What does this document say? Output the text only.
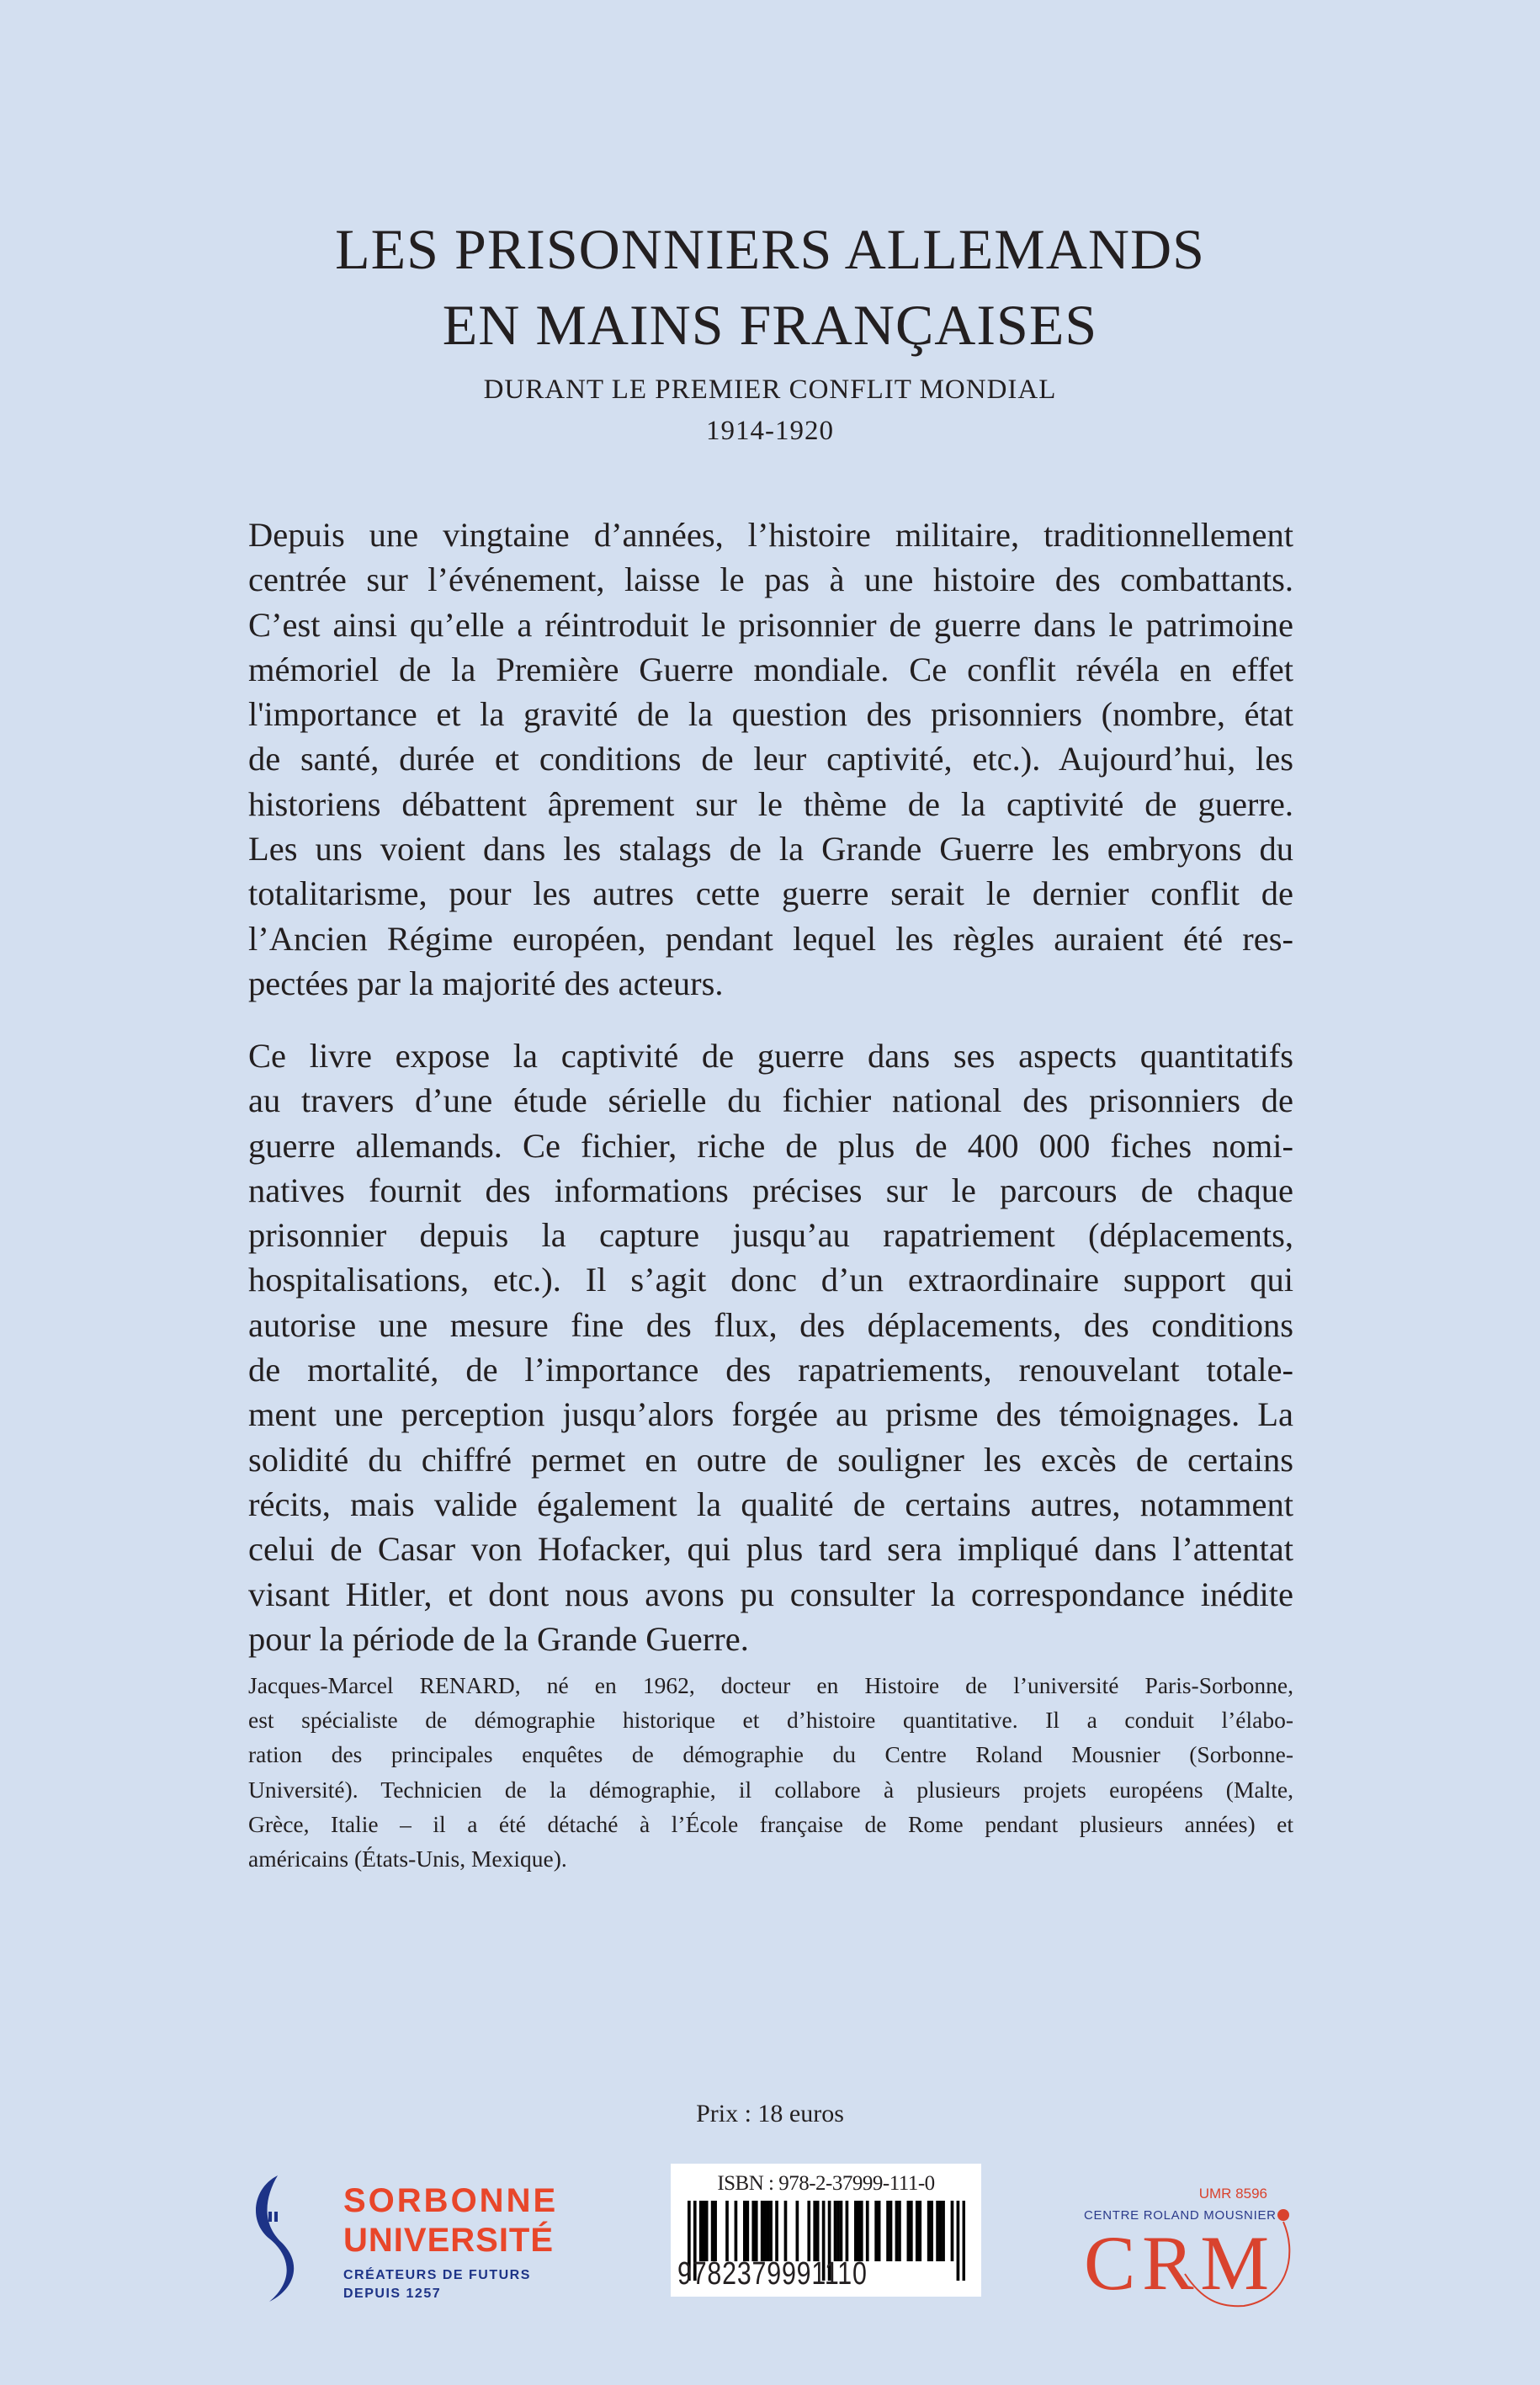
LES PRISONNIERS ALLEMANDS
EN MAINS FRANÇAISES
DURANT LE PREMIER CONFLIT MONDIAL
1914-1920
Depuis une vingtaine d’années, l’histoire militaire, traditionnellement
centrée sur l’événement, laisse le pas à une histoire des combattants.
C’est ainsi qu’elle a réintroduit le prisonnier de guerre dans le patrimoine
mémoriel de la Première Guerre mondiale. Ce conflit révéla en effet
l'importance et la gravité de la question des prisonniers (nombre, état
de santé, durée et conditions de leur captivité, etc.). Aujourd’hui, les
historiens débattent âprement sur le thème de la captivité de guerre.
Les uns voient dans les stalags de la Grande Guerre les embryons du
totalitarisme, pour les autres cette guerre serait le dernier conflit de
l’Ancien Régime européen, pendant lequel les règles auraient été res-
pectées par la majorité des acteurs.
Ce livre expose la captivité de guerre dans ses aspects quantitatifs
au travers d’une étude sérielle du fichier national des prisonniers de
guerre allemands. Ce fichier, riche de plus de 400 000 fiches nomi-
natives fournit des informations précises sur le parcours de chaque
prisonnier depuis la capture jusqu’au rapatriement (déplacements,
hospitalisations, etc.). Il s’agit donc d’un extraordinaire support qui
autorise une mesure fine des flux, des déplacements, des conditions
de mortalité, de l’importance des rapatriements, renouvelant totale-
ment une perception jusqu’alors forgée au prisme des témoignages. La
solidité du chiffré permet en outre de souligner les excès de certains
récits, mais valide également la qualité de certains autres, notamment
celui de Casar von Hofacker, qui plus tard sera impliqué dans l’attentat
visant Hitler, et dont nous avons pu consulter la correspondance inédite
pour la période de la Grande Guerre.
Jacques-Marcel RENARD, né en 1962, docteur en Histoire de l’université Paris-Sorbonne,
est spécialiste de démographie historique et d’histoire quantitative. Il a conduit l’élabo-
ration des principales enquêtes de démographie du Centre Roland Mousnier (Sorbonne-
Université). Technicien de la démographie, il collabore à plusieurs projets européens (Malte,
Grèce, Italie – il a été détaché à l’École française de Rome pendant plusieurs années) et
américains (États-Unis, Mexique).
Prix : 18 euros
SORBONNE
UNIVERSITÉ
CRÉATEURS DE FUTURS
DEPUIS 1257
ISBN : 978-2-37999-111-0
9782379991110
UMR 8596
CENTRE ROLAND MOUSNIER
CRM
